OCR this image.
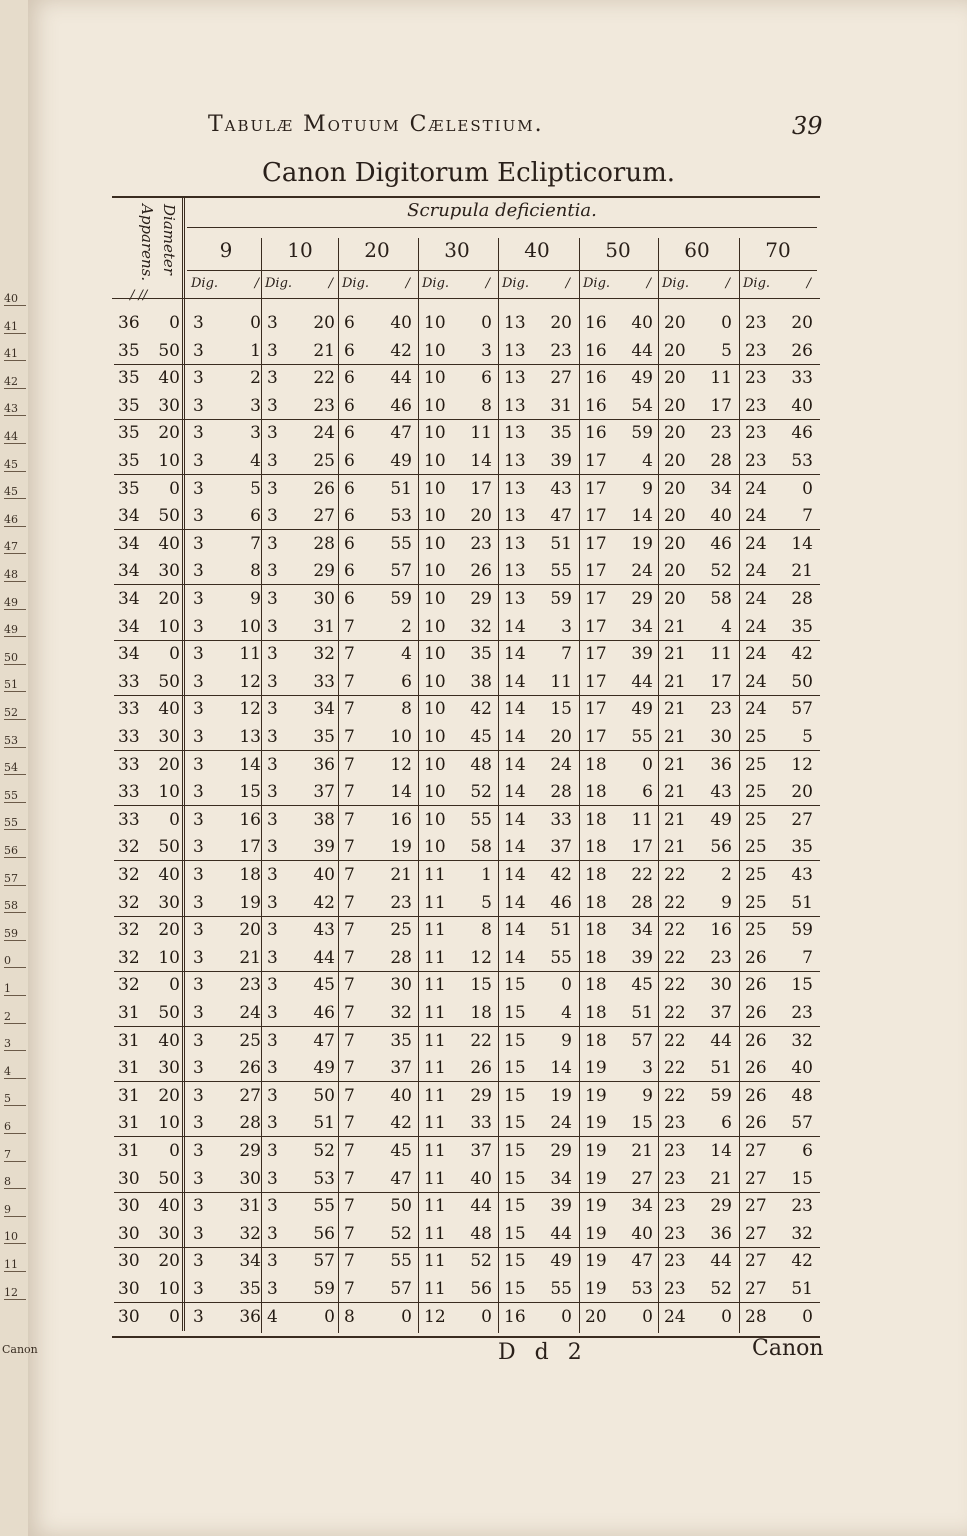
Tabulæ Motuum Cælestium.	39
Canon Digitorum Eclipticorum.
Diameter Apparens.
/ //
Scrupula deficientia.
9
Dig.	/
10
Dig.	/
20
Dig.	/
30
Dig.	/
40
Dig.	/
50
Dig.	/
60
Dig.	/
70
Dig.	/
36	0 3	0 3	20 6	40 10	0 13	20 16	40 20	0 23	20
35	50 3	1 3	21 6	42 10	3 13	23 16	44 20	5 23	26
35	40 3	2 3	22 6	44 10	6 13	27 16	49 20	11 23	33
35	30 3	3 3	23 6	46 10	8 13	31 16	54 20	17 23	40
35	20 3	3 3	24 6	47 10	11 13	35 16	59 20	23 23	46
35	10 3	4 3	25 6	49 10	14 13	39 17	4 20	28 23	53
35	0 3	5 3	26 6	51 10	17 13	43 17	9 20	34 24	0
34	50 3	6 3	27 6	53 10	20 13	47 17	14 20	40 24	7
34	40 3	7 3	28 6	55 10	23 13	51 17	19 20	46 24	14
34	30 3	8 3	29 6	57 10	26 13	55 17	24 20	52 24	21
34	20 3	9 3	30 6	59 10	29 13	59 17	29 20	58 24	28
34	10 3	10 3	31 7	2 10	32 14	3 17	34 21	4 24	35
34	0 3	11 3	32 7	4 10	35 14	7 17	39 21	11 24	42
33	50 3	12 3	33 7	6 10	38 14	11 17	44 21	17 24	50
33	40 3	12 3	34 7	8 10	42 14	15 17	49 21	23 24	57
33	30 3	13 3	35 7	10 10	45 14	20 17	55 21	30 25	5
33	20 3	14 3	36 7	12 10	48 14	24 18	0 21	36 25	12
33	10 3	15 3	37 7	14 10	52 14	28 18	6 21	43 25	20
33	0 3	16 3	38 7	16 10	55 14	33 18	11 21	49 25	27
32	50 3	17 3	39 7	19 10	58 14	37 18	17 21	56 25	35
32	40 3	18 3	40 7	21 11	1 14	42 18	22 22	2 25	43
32	30 3	19 3	42 7	23 11	5 14	46 18	28 22	9 25	51
32	20 3	20 3	43 7	25 11	8 14	51 18	34 22	16 25	59
32	10 3	21 3	44 7	28 11	12 14	55 18	39 22	23 26	7
32	0 3	23 3	45 7	30 11	15 15	0 18	45 22	30 26	15
31	50 3	24 3	46 7	32 11	18 15	4 18	51 22	37 26	23
31	40 3	25 3	47 7	35 11	22 15	9 18	57 22	44 26	32
31	30 3	26 3	49 7	37 11	26 15	14 19	3 22	51 26	40
31	20 3	27 3	50 7	40 11	29 15	19 19	9 22	59 26	48
31	10 3	28 3	51 7	42 11	33 15	24 19	15 23	6 26	57
31	0 3	29 3	52 7	45 11	37 15	29 19	21 23	14 27	6
30	50 3	30 3	53 7	47 11	40 15	34 19	27 23	21 27	15
30	40 3	31 3	55 7	50 11	44 15	39 19	34 23	29 27	23
30	30 3	32 3	56 7	52 11	48 15	44 19	40 23	36 27	32
30	20 3	34 3	57 7	55 11	52 15	49 19	47 23	44 27	42
30	10 3	35 3	59 7	57 11	56 15	55 19	53 23	52 27	51
30	0 3	36 4	0 8	0 12	0 16	0 20	0 24	0 28	0
D d 2	Canon
40
41
41
42
43
44
45
45
46
47
48
49
49
50
51
52
53
54
55
55
56
57
58
59
0
1
2
3
4
5
6
7
8
9
10
11
12
Canon
